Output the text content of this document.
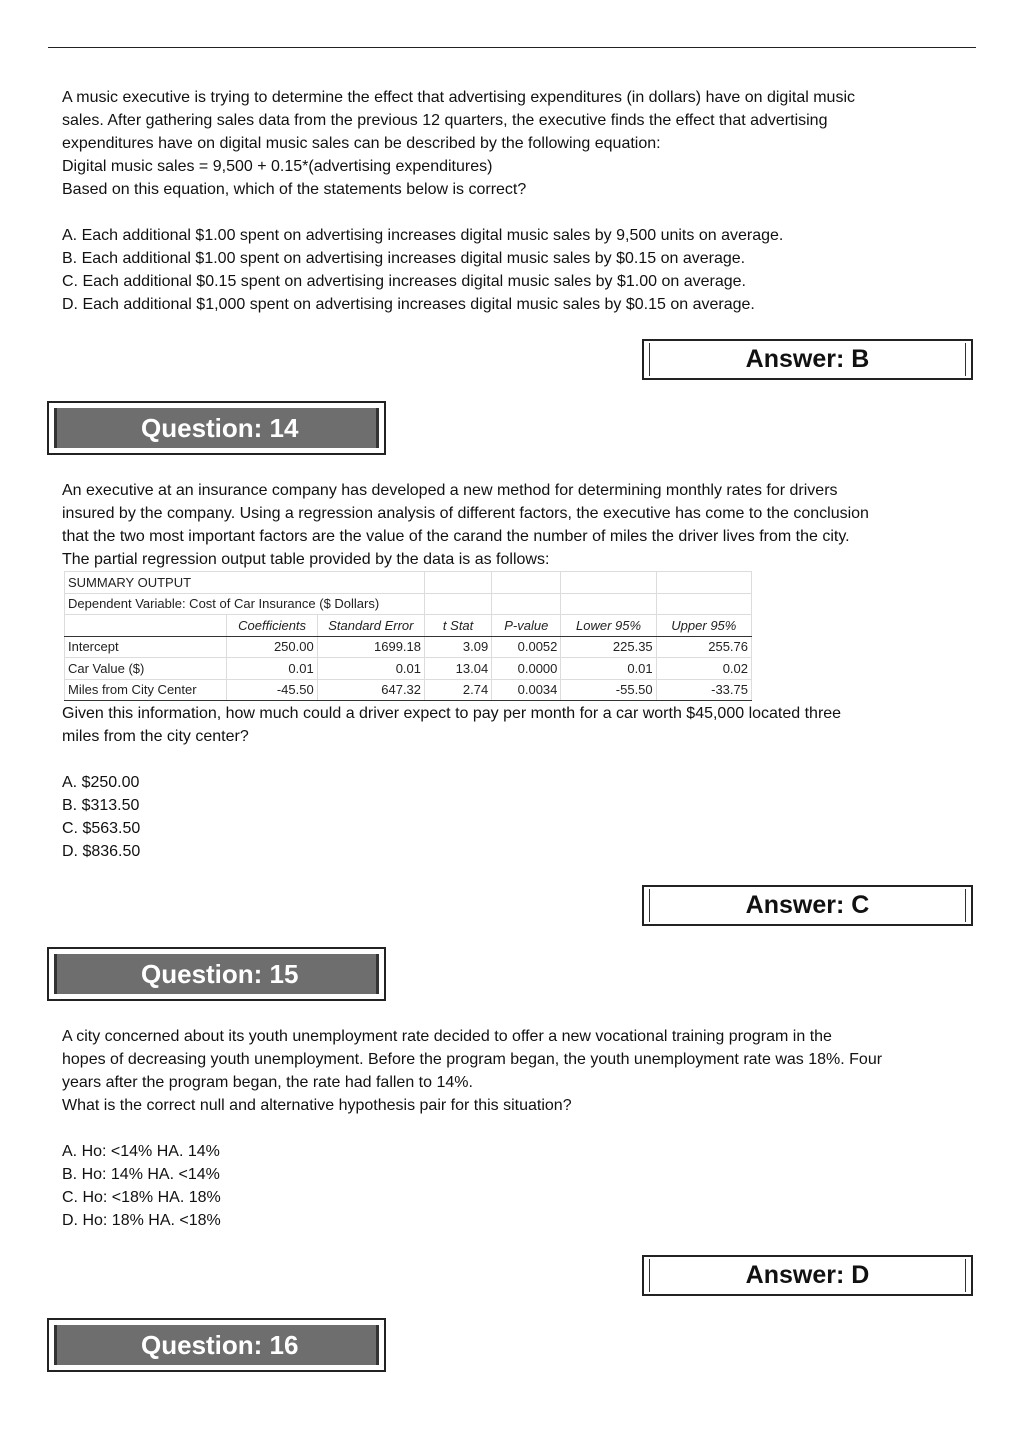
A music executive is trying to determine the effect that advertising expenditures (in dollars) have on digital music

sales. After gathering sales data from the previous 12 quarters, the executive finds the effect that advertising

expenditures have on digital music sales can be described by the following equation:

Digital music sales = 9,500 + 0.15*(advertising expenditures)

Based on this equation, which of the statements below is correct?

A. Each additional $1.00 spent on advertising increases digital music sales by 9,500 units on average.

B. Each additional $1.00 spent on advertising increases digital music sales by $0.15 on average.

C. Each additional $0.15 spent on advertising increases digital music sales by $1.00 on average.

D. Each additional $1,000 spent on advertising increases digital music sales by $0.15 on average.

Answer: B
Question: 14

An executive at an insurance company has developed a new method for determining monthly rates for drivers

insured by the company. Using a regression analysis of different factors, the executive has come to the conclusion

that the two most important factors are the value of the carand the number of miles the driver lives from the city.

The partial regression output table provided by the data is as follows:

SUMMARY OUTPUT						
Dependent Variable: Cost of Car Insurance ($ Dollars)						
	Coefficients	Standard Error	t Stat	P-value	Lower 95%	Upper 95%
Intercept	250.00	1699.18	3.09	0.0052	225.35	255.76
Car Value ($)	0.01	0.01	13.04	0.0000	0.01	0.02
Miles from City Center	-45.50	647.32	2.74	0.0034	-55.50	-33.75

Given this information, how much could a driver expect to pay per month for a car worth $45,000 located three

miles from the city center?

A. $250.00

B. $313.50

C. $563.50

D. $836.50

Answer: C
Question: 15

A city concerned about its youth unemployment rate decided to offer a new vocational training program in the

hopes of decreasing youth unemployment. Before the program began, the youth unemployment rate was 18%. Four

years after the program began, the rate had fallen to 14%.

What is the correct null and alternative hypothesis pair for this situation?

A. Ho: <14% HA. 14%

B. Ho: 14% HA. <14%

C. Ho: <18% HA. 18%

D. Ho: 18% HA. <18%

Answer: D
Question: 16
